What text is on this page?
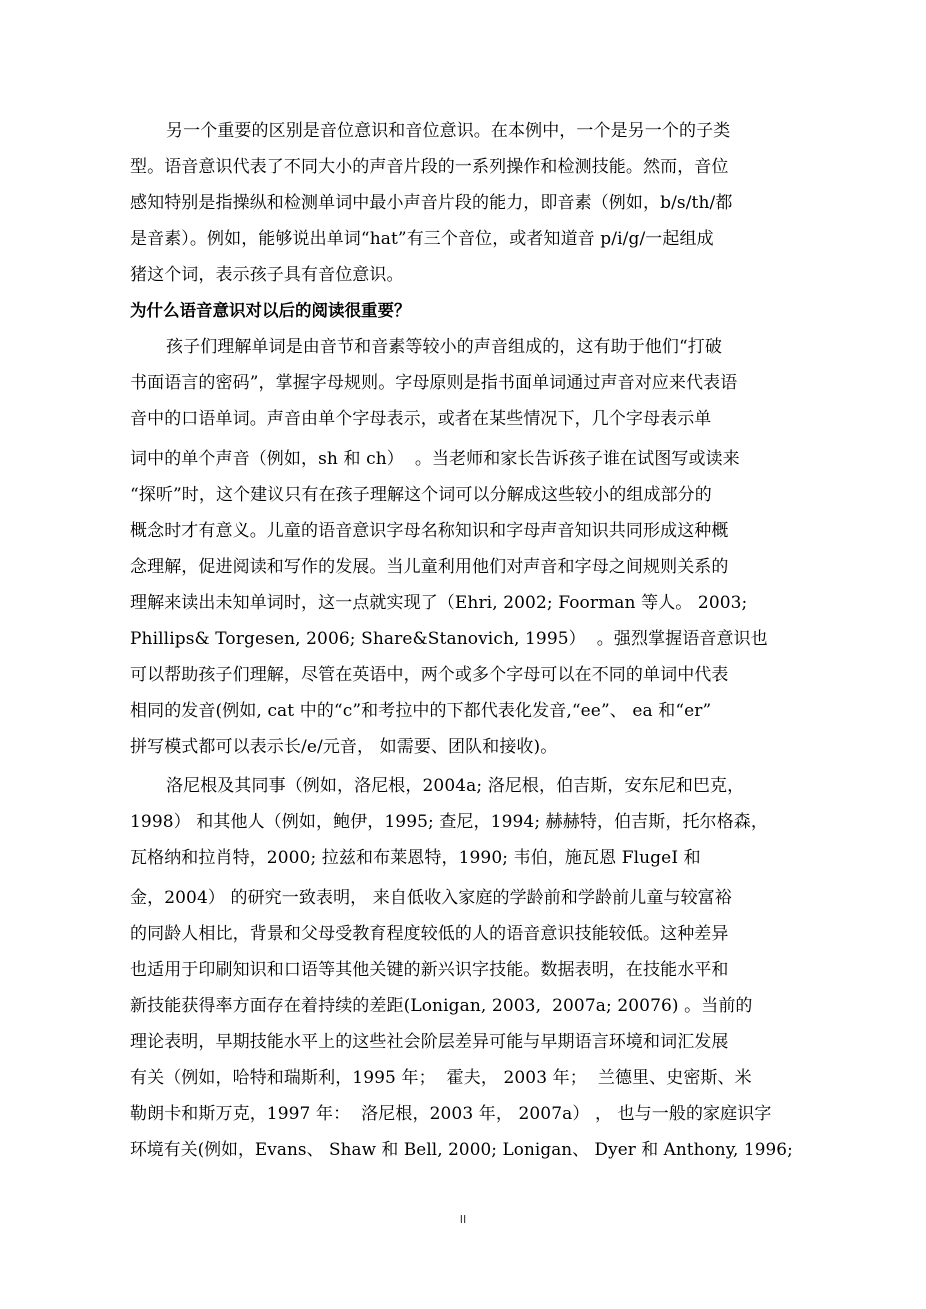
另一个重要的区别是音位意识和音位意识。在本例中，一个是另一个的子类
型。语音意识代表了不同大小的声音片段的一系列操作和检测技能。然而，音位
感知特别是指操纵和检测单词中最小声音片段的能力，即音素（例如，b/s/th/都
是音素）。例如，能够说出单词“hat”有三个音位，或者知道音 p/i/g/一起组成
猪这个词，表示孩子具有音位意识。
为什么语音意识对以后的阅读很重要？
孩子们理解单词是由音节和音素等较小的声音组成的，这有助于他们“打破
书面语言的密码”，掌握字母规则。字母原则是指书面单词通过声音对应来代表语
音中的口语单词。声音由单个字母表示，或者在某些情况下，几个字母表示单
词中的单个声音（例如，sh 和 ch）  。当老师和家长告诉孩子谁在试图写或读来
“探听”时，这个建议只有在孩子理解这个词可以分解成这些较小的组成部分的
概念时才有意义。儿童的语音意识字母名称知识和字母声音知识共同形成这种概
念理解，促进阅读和写作的发展。当儿童利用他们对声音和字母之间规则关系的
理解来读出未知单词时，这一点就实现了（Ehri, 2002; Foorman 等人。 2003;
Phillips& Torgesen, 2006; Share&Stanovich, 1995）  。强烈掌握语音意识也
可以帮助孩子们理解，尽管在英语中，两个或多个字母可以在不同的单词中代表
相同的发音(例如, cat 中的“c”和考拉中的下都代表化发音,“ee”、 ea 和“er”
拼写模式都可以表示长/e/元音， 如需要、团队和接收)。
洛尼根及其同事（例如，洛尼根，2004a; 洛尼根，伯吉斯，安东尼和巴克，
1998） 和其他人（例如，鲍伊，1995; 查尼，1994; 赫赫特，伯吉斯，托尔格森，
瓦格纳和拉肖特，2000; 拉兹和布莱恩特，1990; 韦伯，施瓦恩 FlugeI 和
金，2004） 的研究一致表明， 来自低收入家庭的学龄前和学龄前儿童与较富裕
的同龄人相比，背景和父母受教育程度较低的人的语音意识技能较低。这种差异
也适用于印刷知识和口语等其他关键的新兴识字技能。数据表明，在技能水平和
新技能获得率方面存在着持续的差距(Lonigan, 2003,  2007a; 20076) 。当前的
理论表明，早期技能水平上的这些社会阶层差异可能与早期语言环境和词汇发展
有关（例如，哈特和瑞斯利，1995 年；  霍夫， 2003 年；  兰德里、史密斯、米
勒朗卡和斯万克，1997 年：  洛尼根，2003 年， 2007a） ， 也与一般的家庭识字
环境有关(例如，Evans、 Shaw 和 Bell, 2000; Lonigan、 Dyer 和 Anthony, 1996;
II
